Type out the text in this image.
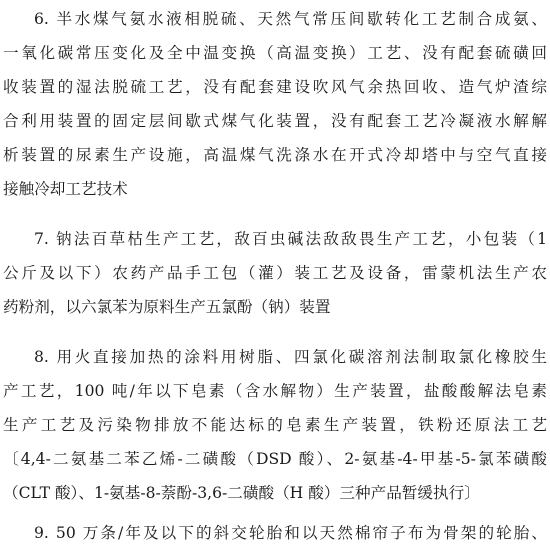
6. 半水煤气氨水液相脱硫、天然气常压间歇转化工艺制合成氨、
一氧化碳常压变化及全中温变换（高温变换）工艺、没有配套硫磺回
收装置的湿法脱硫工艺，没有配套建设吹风气余热回收、造气炉渣综
合利用装置的固定层间歇式煤气化装置，没有配套工艺冷凝液水解解
析装置的尿素生产设施，高温煤气洗涤水在开式冷却塔中与空气直接
接触冷却工艺技术
7. 钠法百草枯生产工艺，敌百虫碱法敌敌畏生产工艺，小包装（1
公斤及以下）农药产品手工包（灌）装工艺及设备，雷蒙机法生产农
药粉剂，以六氯苯为原料生产五氯酚（钠）装置
8. 用火直接加热的涂料用树脂、四氯化碳溶剂法制取氯化橡胶生
产工艺，100 吨/年以下皂素（含水解物）生产装置，盐酸酸解法皂素
生产工艺及污染物排放不能达标的皂素生产装置，铁粉还原法工艺
〔4,4-二氨基二苯乙烯-二磺酸（DSD 酸）、2-氨基-4-甲基-5-氯苯磺酸
（CLT 酸）、1-氨基-8-萘酚-3,6-二磺酸（H 酸）三种产品暂缓执行〕
9. 50 万条/年及以下的斜交轮胎和以天然棉帘子布为骨架的轮胎、
